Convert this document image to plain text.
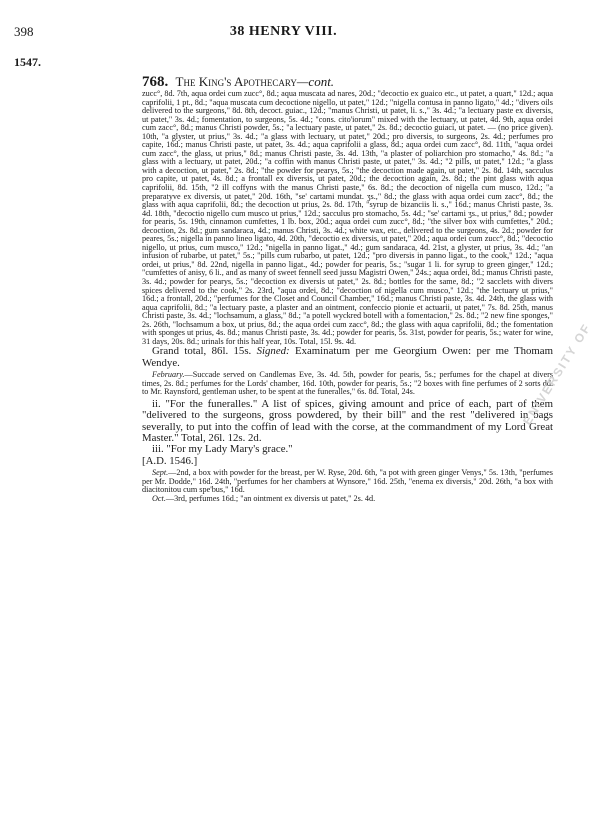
398	38 HENRY VIII.
1547.
768. The King's Apothecary—cont.

zucc°, 8d. 7th, aqua ordei cum zucc°, 8d.; aqua muscata ad nares, 20d.; "decoctio ex guaico etc., ut patet, a quart," 12d.; aqua caprifolii, 1 pt., 8d.; "aqua muscata cum decoctione nigello, ut patet," 12d.; "nigella contusa in panno ligato," 4d.; "divers oils delivered to the surgeons," 8d. 8th, decoct. guiac., 12d.; "manus Christi, ut patet, li. s.," 3s. 4d.; "a lectuary paste ex diversis, ut patet," 3s. 4d.; fomentation, to surgeons, 5s. 4d.; "cons. cito'iorum" mixed with the lectuary, ut patet, 4d. 9th, aqua ordei cum zacc°, 8d.; manus Christi powder, 5s.; "a lectuary paste, ut patet," 2s. 8d.; decoctio guiaci, ut patet. — (no price given). 10th, "a glyster, ut prius," 3s. 4d.; "a glass with lectuary, ut patet," 20d.; pro diversis, to surgeons, 2s. 4d.; perfumes pro capite, 16d.; manus Christi paste, ut patet, 3s. 4d.; aqua caprifolii a glass, 8d.; aqua ordei cum zacc°, 8d. 11th, "aqua ordei cum zacc°, the glass, ut prius," 8d.; manus Christi paste, 3s. 4d. 13th, "a plaster of poliarchion pro stomacho," 4s. 8d.; "a glass with a lectuary, ut patet, 20d.; "a coffin with manus Christi paste, ut patet," 3s. 4d.; "2 pills, ut patet," 12d.; "a glass with a decoction, ut patet," 2s. 8d.; "the powder for pearys, 5s.; "the decoction made again, ut patet," 2s. 8d. 14th, sacculus pro capite, ut patet, 4s. 8d.; a frontall ex diversis, ut patet, 20d.; the decoction again, 2s. 8d.; the pint glass with aqua caprifolii, 8d. 15th, "2 ill coffyns with the manus Christi paste," 6s. 8d.; the decoction of nigella cum musco, 12d.; "a preparatyve ex diversis, ut patet," 20d. 16th, "se' cartami mundat. ʒs.," 8d.; the glass with aqua ordei cum zacc°, 8d.; the glass with aqua caprifolii, 8d.; the decoction ut prius, 2s. 8d. 17th, "syrup de bizanciis li. s.," 16d.; manus Christi paste, 3s. 4d. 18th, "decoctio nigello cum musco ut prius," 12d.; sacculus pro stomacho, 5s. 4d.; "se' cartami ʒs., ut prius," 8d.; powder for pearis, 5s. 19th, cinnamon cumfettes, 1 lb. box, 20d.; aqua ordei cum zucc°, 8d.; "the silver box with cumfettes," 20d.; decoction, 2s. 8d.; gum sandaraca, 4d.; manus Christi, 3s. 4d.; white wax, etc., delivered to the surgeons, 4s. 2d.; powder for peares, 5s.; nigella in panno lineo ligato, 4d. 20th, "decoctio ex diversis, ut patet," 20d.; aqua ordei cum zucc°, 8d.; "decoctio nigello, ut prius, cum musco," 12d.; "nigella in panno ligat.," 4d.; gum sandaraca, 4d. 21st, a glyster, ut prius, 3s. 4d.; "an infusion of rubarbe, ut patet," 5s.; "pills cum rubarbo, ut patet, 12d.; "pro diversis in panno ligat., to the cook," 12d.; "aqua ordei, ut prius," 8d. 22nd, nigella in panno ligat., 4d.; powder for pearis, 5s.; "sugar 1 li. for syrup to green ginger," 12d.; "cumfettes of anisy, 6 li., and as many of sweet fennell seed jussu Magistri Owen," 24s.; aqua ordei, 8d.; manus Christi paste, 3s. 4d.; powder for pearys, 5s.; "decoction ex diversis ut patet," 2s. 8d.; bottles for the same, 8d.; "2 sacclets with divers spices delivered to the cook," 2s. 23rd, "aqua ordei, 8d.; "decoction of nigella cum musco," 12d.; "the lectuary ut prius," 16d.; a frontall, 20d.; "perfumes for the Closet and Council Chamber," 16d.; manus Christi paste, 3s. 4d. 24th, the glass with aqua caprifolii, 8d.; "a lectuary paste, a plaster and an ointment, confeccio pionie et actuarii, ut patet," 7s. 8d. 25th, manus Christi paste, 3s. 4d.; "lochsamum, a glass," 8d.; "a potell wyckred botell with a fomentacion," 2s. 8d.; "2 new fine sponges," 2s. 26th, "lochsamum a box, ut prius, 8d.; the aqua ordei cum zacc°, 8d.; the glass with aqua caprifolii, 8d.; the fomentation with sponges ut prius, 4s. 8d.; manus Christi paste, 3s. 4d.; powder for pearis, 5s. 31st, powder for pearis, 5s.; water for wine, 31 days, 20s. 8d.; urinals for this half year, 10s. Total, 15l. 9s. 4d.

Grand total, 86l. 15s. Signed: Examinatum per me Georgium Owen: per me Thomam Wendye.

February.—Succade served on Candlemas Eve, 3s. 4d. 5th, powder for pearis, 5s.; perfumes for the chapel at divers times, 2s. 8d.; perfumes for the Lords' chamber, 16d. 10th, powder for pearis, 5s.; "2 boxes with fine perfumes of 2 sorts dd. to Mr. Raynsford, gentleman usher, to be spent at the funeralles," 6s. 8d. Total, 24s.

ii. "For the funeralles." A list of spices, giving amount and price of each, part of them "delivered to the surgeons, gross powdered, by their bill" and the rest "delivered in bags severally, to put into the coffin of lead with the corse, at the commandment of my Lord Great Master." Total, 26l. 12s. 2d.

iii. "For my Lady Mary's grace."

[A.D. 1546.]

Sept.—2nd, a box with powder for the breast, per W. Ryse, 20d. 6th, "a pot with green ginger Venys," 5s. 13th, "perfumes per Mr. Dodde," 16d. 24th, "perfumes for her chambers at Wynsore," 16d. 25th, "enema ex diversis," 20d. 26th, "a box with diacitonitou cum spe'bus," 16d.

Oct.—3rd, perfumes 16d.; "an ointment ex diversis ut patet," 2s. 4d.

ENIVERSITY OF
